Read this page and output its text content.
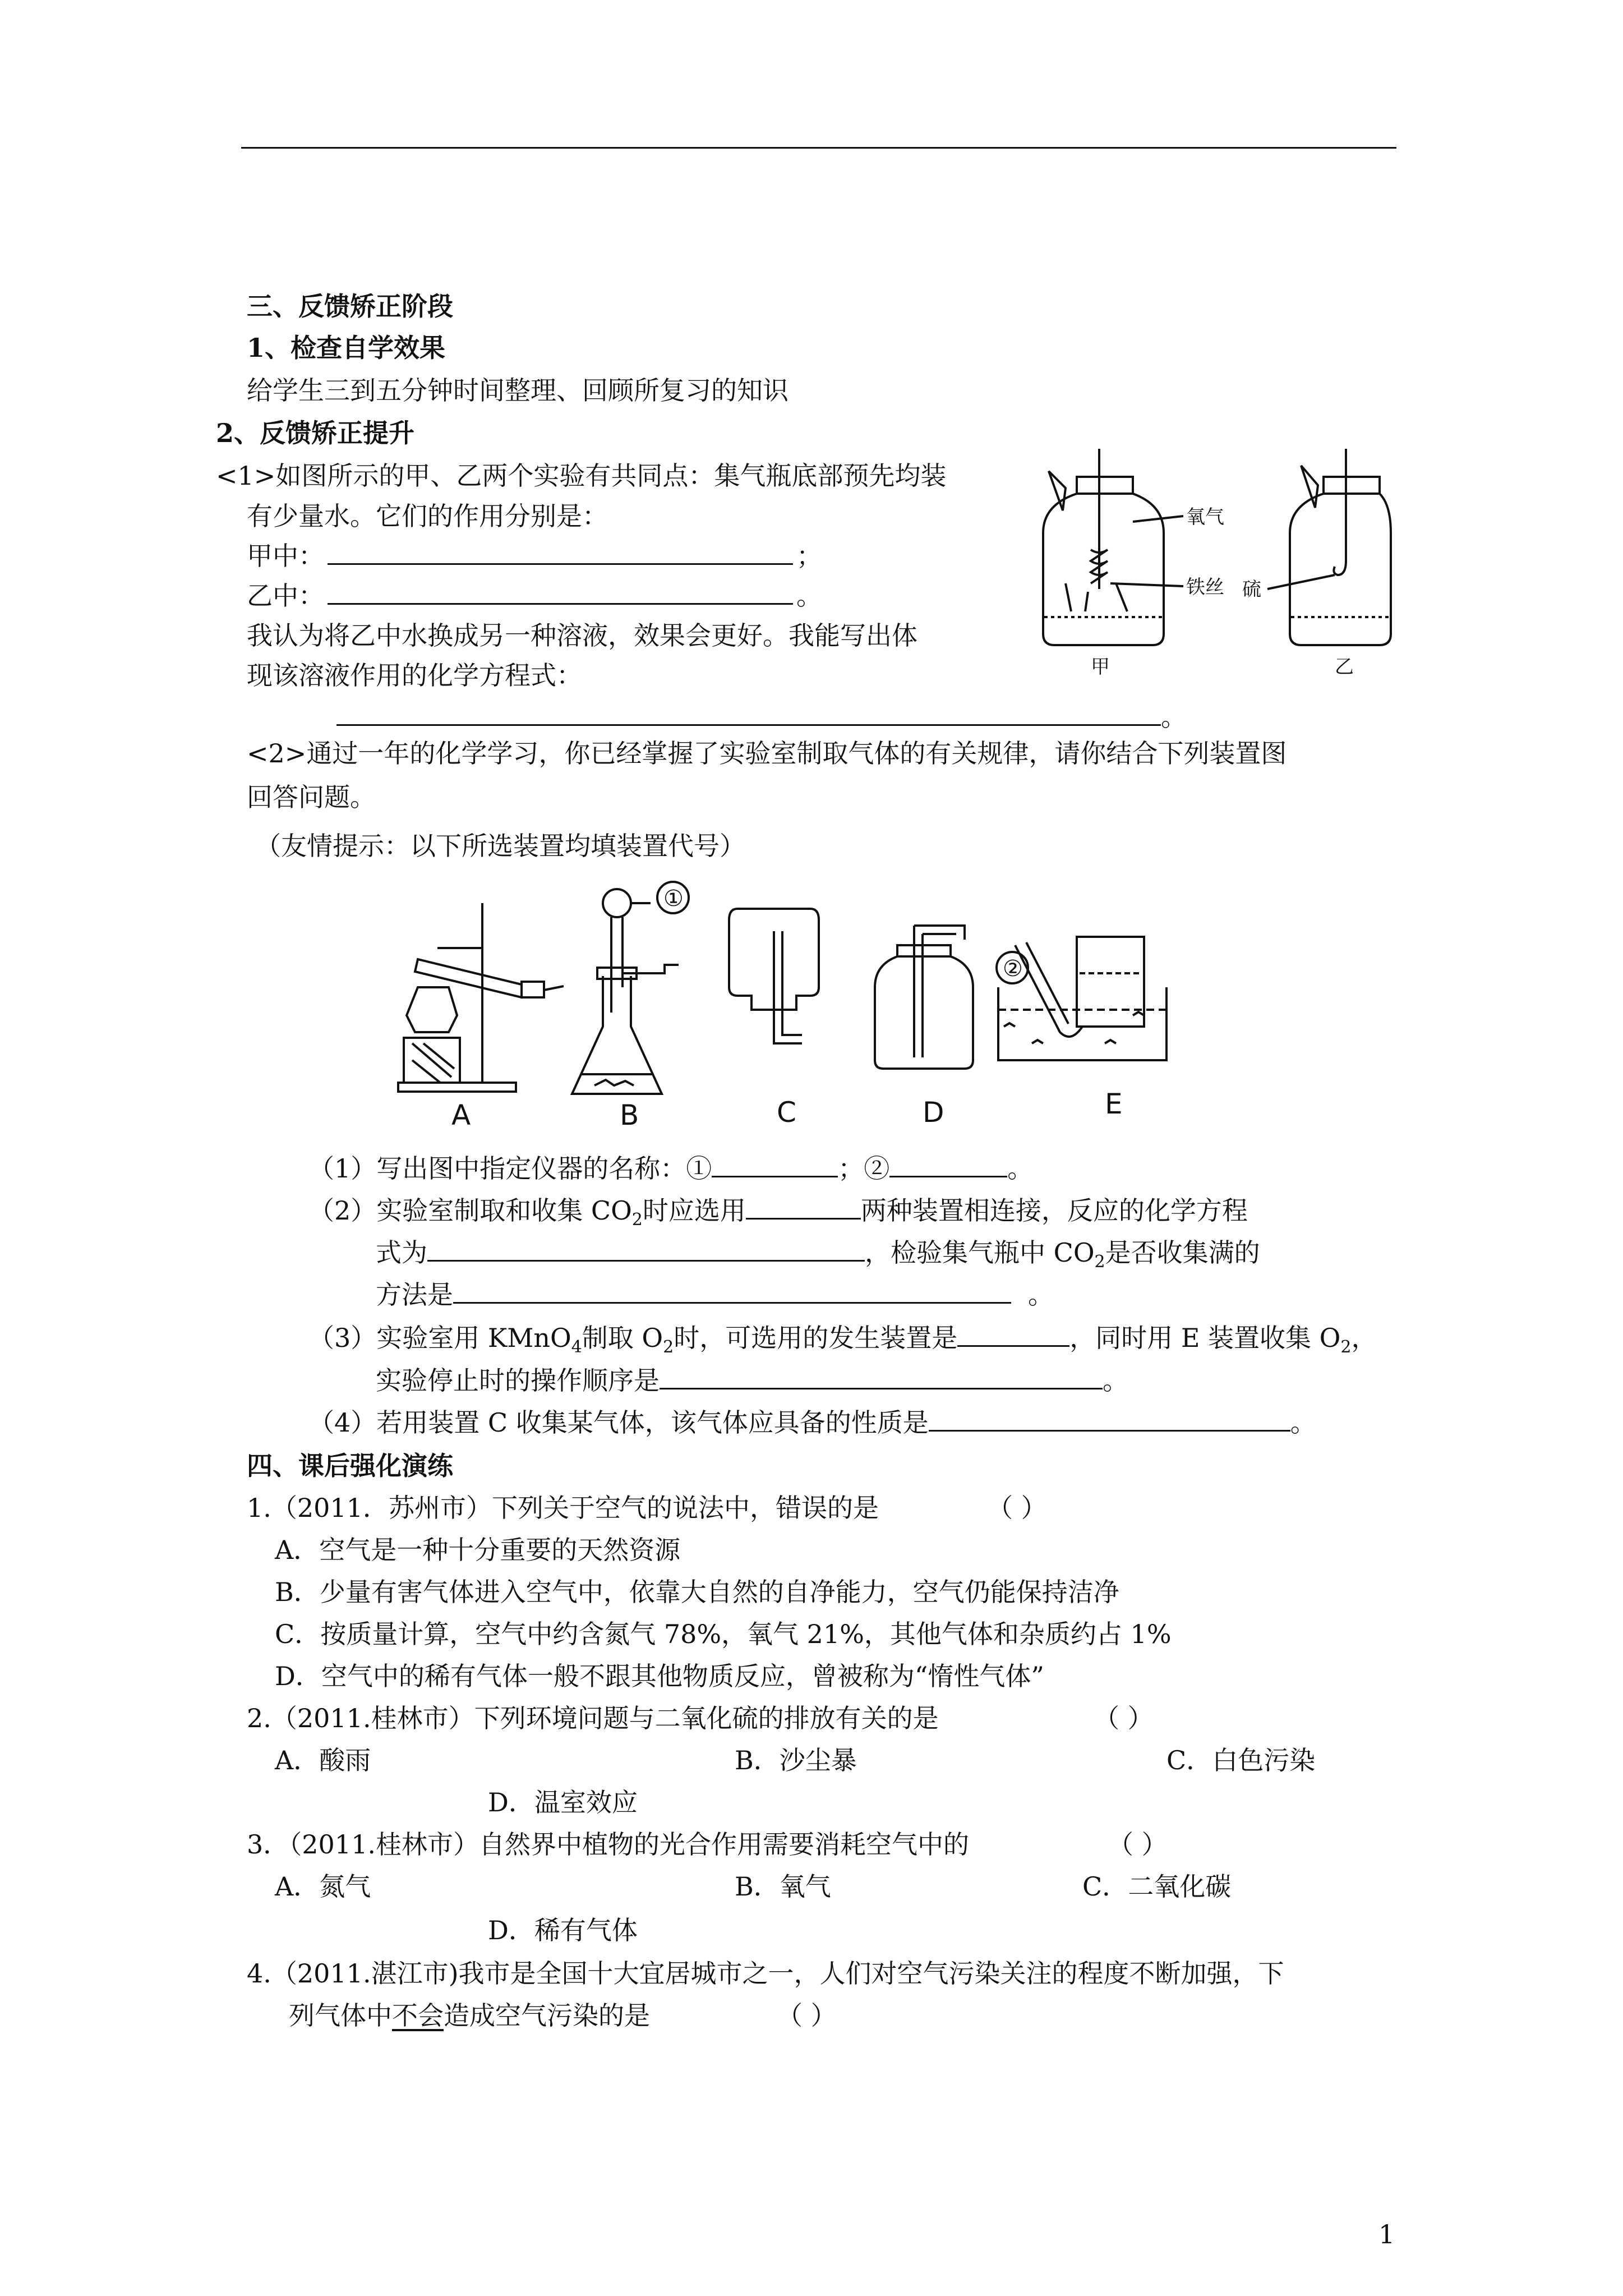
三、反馈矫正阶段
1、检查自学效果
给学生三到五分钟时间整理、回顾所复习的知识
2、反馈矫正提升
<1>如图所示的甲、乙两个实验有共同点：集气瓶底部预先均装
有少量水。它们的作用分别是：
甲中：	；
乙中：	。
我认为将乙中水换成另一种溶液，效果会更好。我能写出体
现该溶液作用的化学方程式：
。
氧气
铁丝 硫
甲	乙
<2>通过一年的化学学习，你已经掌握了实验室制取气体的有关规律，请你结合下列装置图
回答问题。
（友情提示：以下所选装置均填装置代号）
①
②
A	B	C	D	E
（1）写出图中指定仪器的名称：①	；②	。
（2）实验室制取和收集 $CO_2$时应选用	两种装置相连接，反应的化学方程
式为	，检验集气瓶中 $CO_2$是否收集满的
方法是	。
（3）实验室用 KMnO$_4$制取 $O_2$时，可选用的发生装置是	，同时用 E 装置收集 $O_2$，
实验停止时的操作顺序是	。
（4）若用装置 C 收集某气体，该气体应具备的性质是	。
四、课后强化演练
1.（2011．苏州市）下列关于空气的说法中，错误的是	（ ）
A．空气是一种十分重要的天然资源
B．少量有害气体进入空气中，依靠大自然的自净能力，空气仍能保持洁净
C．按质量计算，空气中约含氮气 78%，氧气 21%，其他气体和杂质约占 1%
D．空气中的稀有气体一般不跟其他物质反应，曾被称为“惰性气体”
2.（2011.桂林市）下列环境问题与二氧化硫的排放有关的是	（ ）
A．酸雨	B．沙尘暴	C．白色污染
D．温室效应
3．（2011.桂林市）自然界中植物的光合作用需要消耗空气中的	（ ）
A．氮气	B．氧气	C．二氧化碳
D．稀有气体
4.（2011.湛江市)我市是全国十大宜居城市之一，人们对空气污染关注的程度不断加强，下
列气体中不会造成空气污染的是	（ ）
1
